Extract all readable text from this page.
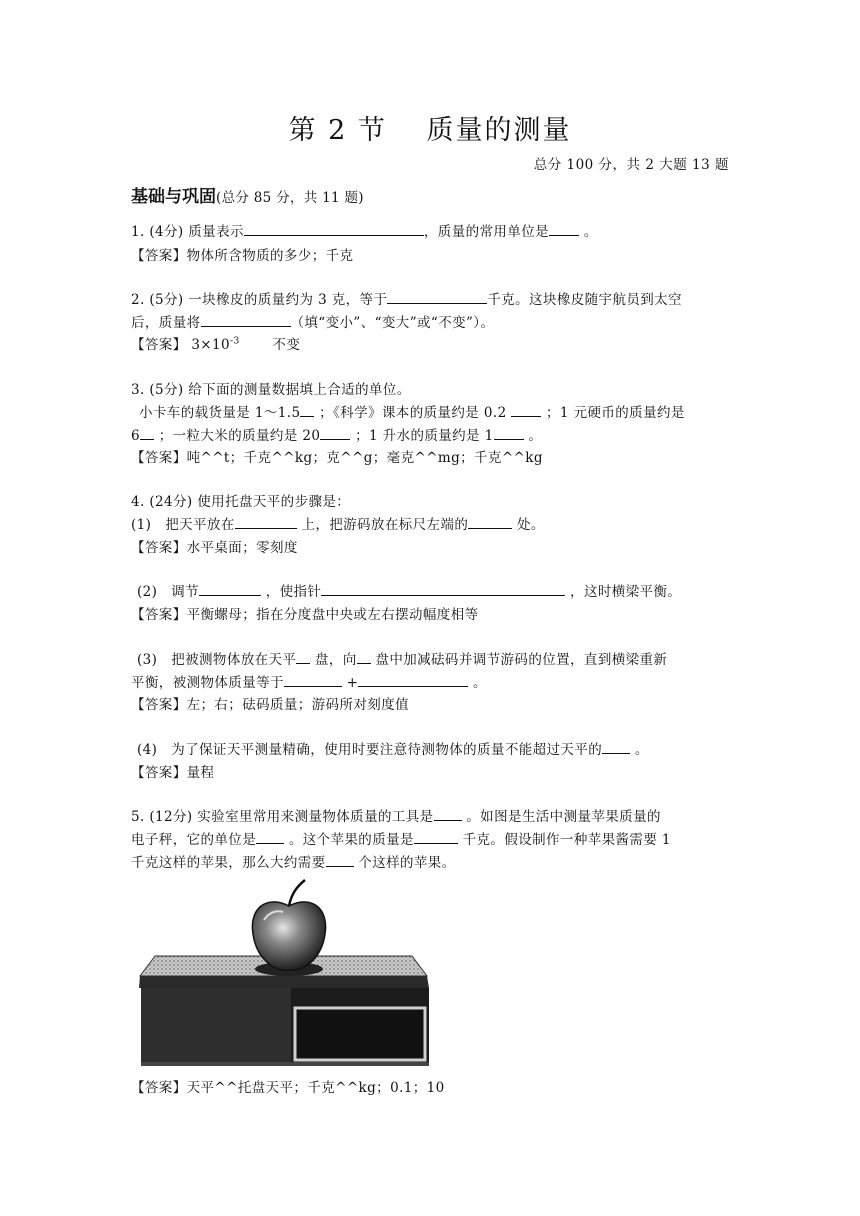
第 2 节　 质量的测量
总分 100 分，共 2 大题 13 题
基础与巩固(总分 85 分，共 11 题)
1. (4分) 质量表示	，质量的常用单位是	。
【答案】物体所含物质的多少；千克
2. (5分) 一块橡皮的质量约为 3 克，等于	千克。这块橡皮随宇航员到太空
后，质量将	（填“变小”、“变大”或“不变”）。
【答案】 $3\times 10^{-3}$ 不变
3. (5分) 给下面的测量数据填上合适的单位。
小卡车的载货量是 1～1.5 ；《科学》课本的质量约是 0.2	；1 元硬币的质量约是
6 ；一粒大米的质量约是 20	；1 升水的质量约是 1	。
【答案】吨^^t；千克^^kg；克^^g；毫克^^mg；千克^^kg
4. (24分) 使用托盘天平的步骤是：
(1)　把天平放在	上，把游码放在标尺左端的	处。
【答案】水平桌面；零刻度
(2)　调节	，使指针	，这时横梁平衡。
【答案】平衡螺母；指在分度盘中央或左右摆动幅度相等
(3)　把被测物体放在天平 盘，向 盘中加减砝码并调节游码的位置，直到横梁重新
平衡，被测物体质量等于	+	。
【答案】左；右；砝码质量；游码所对刻度值
(4)　为了保证天平测量精确，使用时要注意待测物体的质量不能超过天平的 。
【答案】量程
5. (12分) 实验室里常用来测量物体质量的工具是 。如图是生活中测量苹果质量的
电子秤，它的单位是 。这个苹果的质量是	千克。假设制作一种苹果酱需要 1
千克这样的苹果，那么大约需要 个这样的苹果。
【答案】天平^^托盘天平；千克^^kg；0.1；10
